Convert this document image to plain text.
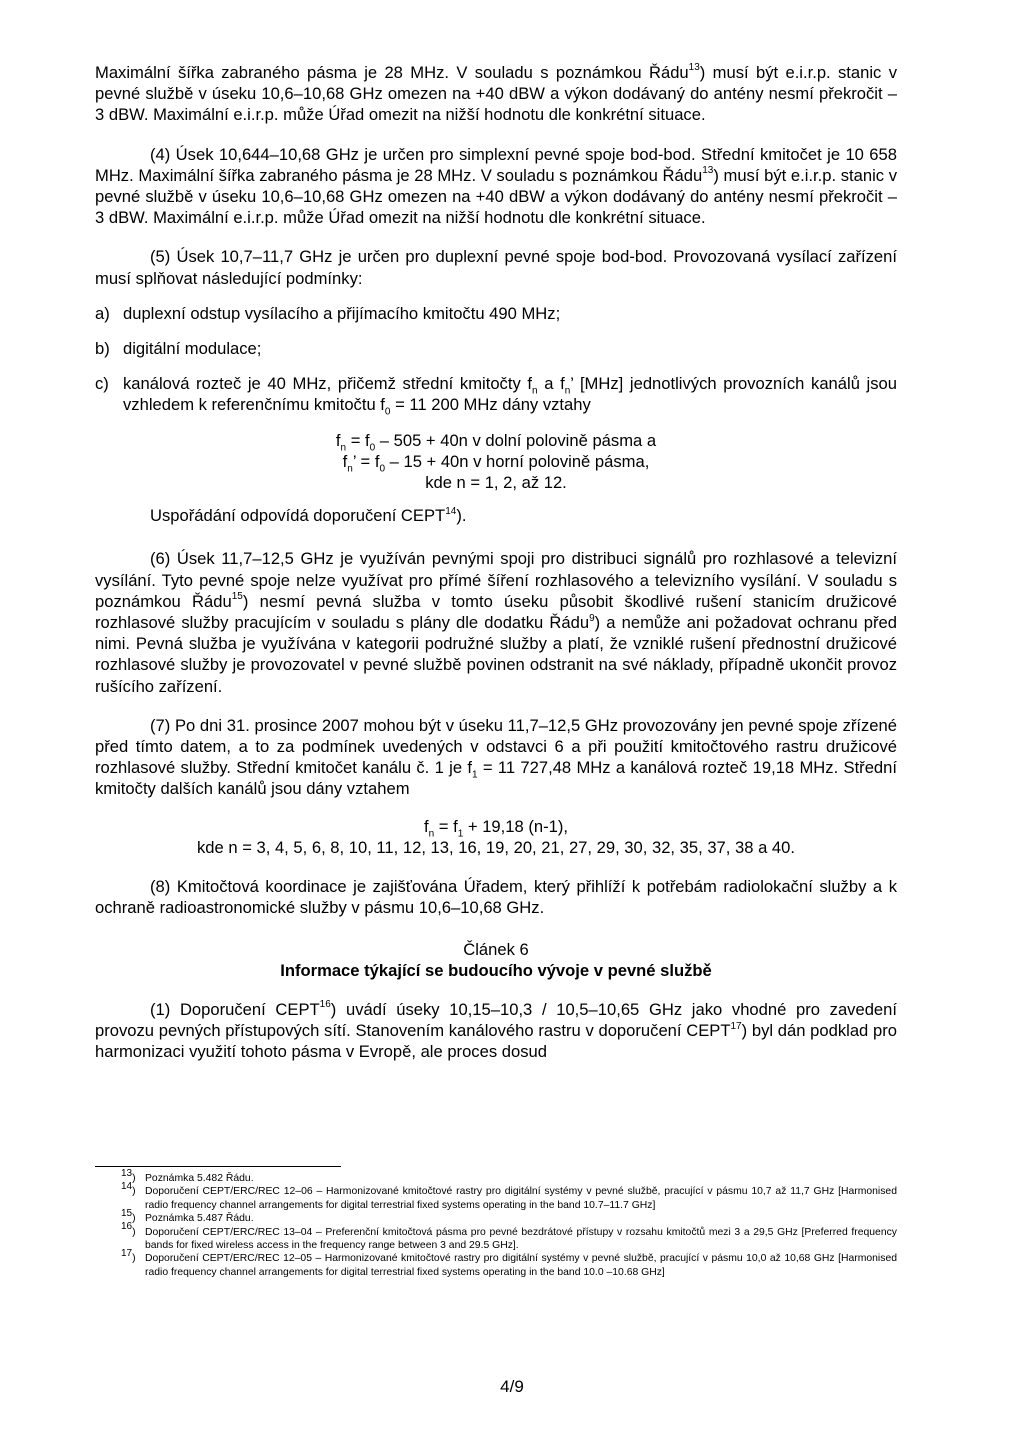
Maximální šířka zabraného pásma je 28 MHz. V souladu s poznámkou Řádu$^{13}$) musí být e.i.r.p. stanic v pevné službě v úseku 10,6–10,68 GHz omezen na +40 dBW a výkon dodávaný do antény nesmí překročit –3 dBW. Maximální e.i.r.p. může Úřad omezit na nižší hodnotu dle konkrétní situace.

(4) Úsek 10,644–10,68 GHz je určen pro simplexní pevné spoje bod-bod. Střední kmitočet je 10 658 MHz. Maximální šířka zabraného pásma je 28 MHz. V souladu s poznámkou Řádu$^{13}$) musí být e.i.r.p. stanic v pevné službě v úseku 10,6–10,68 GHz omezen na +40 dBW a výkon dodávaný do antény nesmí překročit –3 dBW. Maximální e.i.r.p. může Úřad omezit na nižší hodnotu dle konkrétní situace.

(5) Úsek 10,7–11,7 GHz je určen pro duplexní pevné spoje bod-bod. Provozovaná vysílací zařízení musí splňovat následující podmínky:

a) duplexní odstup vysílacího a přijímacího kmitočtu 490 MHz;
b) digitální modulace;
c) kanálová rozteč je 40 MHz, přičemž střední kmitočty $f_n$ a $f_n$’ [MHz] jednotlivých provozních kanálů jsou vzhledem k referenčnímu kmitočtu $f_0 = 11$ 200 MHz dány vztahy
$f_n = f_0 - 505 + 40n$ v dolní polovině pásma a
$f_n$’ = $f_0 - 15 + 40n$ v horní polovině pásma,
kde n = 1, 2, až 12.

Uspořádání odpovídá doporučení CEPT$^{14}$).

(6) Úsek 11,7–12,5 GHz je využíván pevnými spoji pro distribuci signálů pro rozhlasové a televizní vysílání. Tyto pevné spoje nelze využívat pro přímé šíření rozhlasového a televizního vysílání. V souladu s poznámkou Řádu$^{15}$) nesmí pevná služba v tomto úseku působit škodlivé rušení stanicím družicové rozhlasové služby pracujícím v souladu s plány dle dodatku Řádu$^9$) a nemůže ani požadovat ochranu před nimi. Pevná služba je využívána v kategorii podružné služby a platí, že vzniklé rušení přednostní družicové rozhlasové služby je provozovatel v pevné službě povinen odstranit na své náklady, případně ukončit provoz rušícího zařízení.

(7) Po dni 31. prosince 2007 mohou být v úseku 11,7–12,5 GHz provozovány jen pevné spoje zřízené před tímto datem, a to za podmínek uvedených v odstavci 6 a při použití kmitočtového rastru družicové rozhlasové služby. Střední kmitočet kanálu č. 1 je $f_1 = 11$ 727,48 MHz a kanálová rozteč 19,18 MHz. Střední kmitočty dalších kanálů jsou dány vztahem

$f_n = f_1 + 19,18$ (n-1),
kde n = 3, 4, 5, 6, 8, 10, 11, 12, 13, 16, 19, 20, 21, 27, 29, 30, 32, 35, 37, 38 a 40.

(8) Kmitočtová koordinace je zajišťována Úřadem, který přihlíží k potřebám radiolokační služby a k ochraně radioastronomické služby v pásmu 10,6–10,68 GHz.

Článek 6
Informace týkající se budoucího vývoje v pevné službě

(1) Doporučení CEPT$^{16}$) uvádí úseky 10,15–10,3 / 10,5–10,65 GHz jako vhodné pro zavedení provozu pevných přístupových sítí. Stanovením kanálového rastru v doporučení CEPT$^{17}$) byl dán podklad pro harmonizaci využití tohoto pásma v Evropě, ale proces dosud

$^{13}$) Poznámka 5.482 Řádu.
$^{14}$) Doporučení CEPT/ERC/REC 12–06 – Harmonizované kmitočtové rastry pro digitální systémy v pevné službě, pracující v pásmu 10,7 až 11,7 GHz [Harmonised radio frequency channel arrangements for digital terrestrial fixed systems operating in the band 10.7–11.7 GHz]
$^{15}$) Poznámka 5.487 Řádu.
$^{16}$) Doporučení CEPT/ERC/REC 13–04 – Preferenční kmitočtová pásma pro pevné bezdrátové přístupy v rozsahu kmitočtů mezi 3 a 29,5 GHz [Preferred frequency bands for fixed wireless access in the frequency range between 3 and 29.5 GHz].
$^{17}$) Doporučení CEPT/ERC/REC 12–05 – Harmonizované kmitočtové rastry pro digitální systémy v pevné službě, pracující v pásmu 10,0 až 10,68 GHz [Harmonised radio frequency channel arrangements for digital terrestrial fixed systems operating in the band 10.0 –10.68 GHz]
4/9
